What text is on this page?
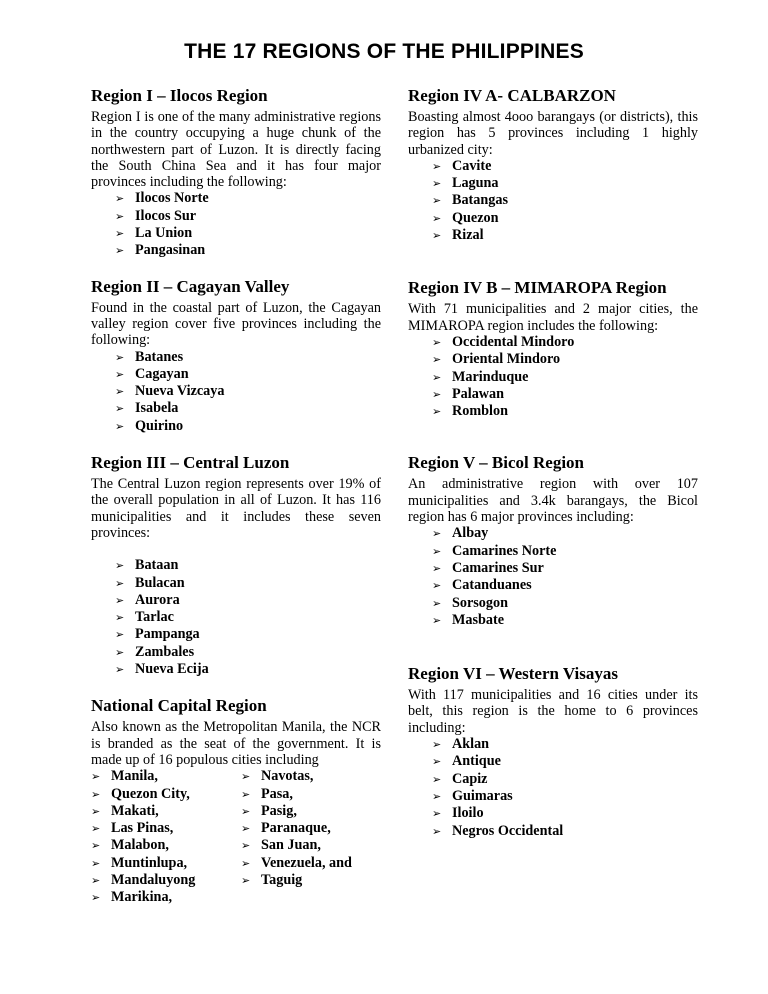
THE 17 REGIONS OF THE PHILIPPINES
Region I – Ilocos Region

Region I is one of the many administrative regions in the country occupying a huge chunk of the northwestern part of Luzon. It is directly facing the South China Sea and it has four major provinces including the following:

➢ Ilocos Norte
➢ Ilocos Sur
➢ La Union
➢ Pangasinan
Region II – Cagayan Valley

Found in the coastal part of Luzon, the Cagayan valley region cover five provinces including the following:

➢ Batanes
➢ Cagayan
➢ Nueva Vizcaya
➢ Isabela
➢ Quirino
Region III – Central Luzon

The Central Luzon region represents over 19% of the overall population in all of Luzon. It has 116 municipalities and it includes these seven provinces:

➢ Bataan
➢ Bulacan
➢ Aurora
➢ Tarlac
➢ Pampanga
➢ Zambales
➢ Nueva Ecija
National Capital Region

Also known as the Metropolitan Manila, the NCR is branded as the seat of the government. It is made up of 16 populous cities including

➢ Manila,
➢ Quezon City,
➢ Makati,
➢ Las Pinas,
➢ Malabon,
➢ Muntinlupa,
➢ Mandaluyong
➢ Marikina,
➢ Navotas,
➢ Pasa,
➢ Pasig,
➢ Paranaque,
➢ San Juan,
➢ Venezuela, and
➢ Taguig
Region IV A- CALBARZON

Boasting almost 4ooo barangays (or districts), this region has 5 provinces including 1 highly urbanized city:

➢ Cavite
➢ Laguna
➢ Batangas
➢ Quezon
➢ Rizal
Region IV B – MIMAROPA Region

With 71 municipalities and 2 major cities, the MIMAROPA region includes the following:

➢ Occidental Mindoro
➢ Oriental Mindoro
➢ Marinduque
➢ Palawan
➢ Romblon
Region V – Bicol Region

An administrative region with over 107 municipalities and 3.4k barangays, the Bicol region has 6 major provinces including:

➢ Albay
➢ Camarines Norte
➢ Camarines Sur
➢ Catanduanes
➢ Sorsogon
➢ Masbate
Region VI – Western Visayas

With 117 municipalities and 16 cities under its belt, this region is the home to 6 provinces including:

➢ Aklan
➢ Antique
➢ Capiz
➢ Guimaras
➢ Iloilo
➢ Negros Occidental
